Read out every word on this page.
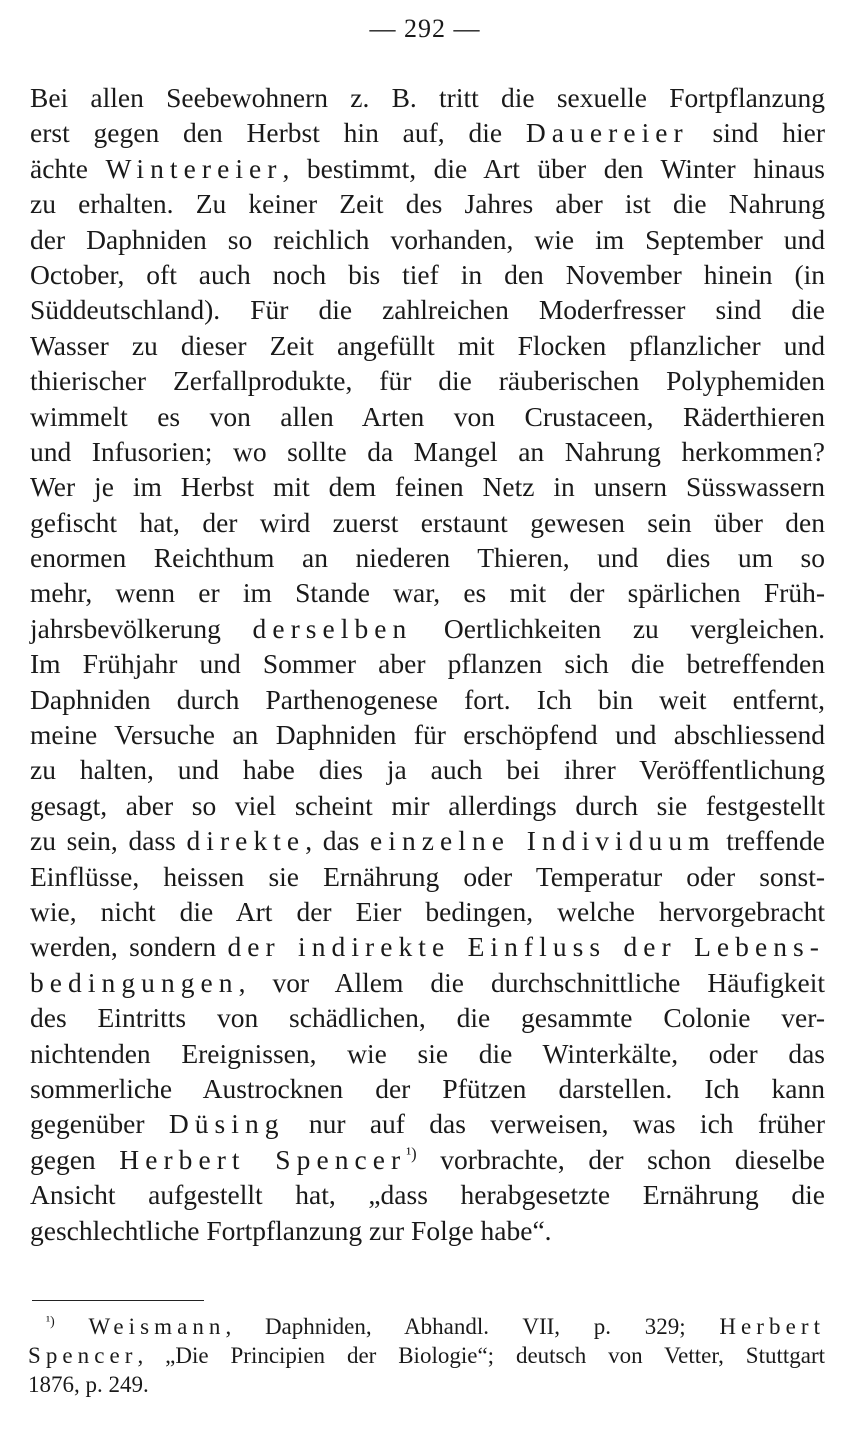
— 292 —
Bei allen Seebewohnern z. B. tritt die sexuelle Fortpflanzung
erst gegen den Herbst hin auf, die Dauereier sind hier
ächte Wintereier, bestimmt, die Art über den Winter hinaus
zu erhalten. Zu keiner Zeit des Jahres aber ist die Nahrung
der Daphniden so reichlich vorhanden, wie im September und
October, oft auch noch bis tief in den November hinein (in
Süddeutschland). Für die zahlreichen Moderfresser sind die
Wasser zu dieser Zeit angefüllt mit Flocken pflanzlicher und
thierischer Zerfallprodukte, für die räuberischen Polyphemiden
wimmelt es von allen Arten von Crustaceen, Räderthieren
und Infusorien; wo sollte da Mangel an Nahrung herkommen?
Wer je im Herbst mit dem feinen Netz in unsern Süsswassern
gefischt hat, der wird zuerst erstaunt gewesen sein über den
enormen Reichthum an niederen Thieren, und dies um so
mehr, wenn er im Stande war, es mit der spärlichen Früh-
jahrsbevölkerung derselben Oertlichkeiten zu vergleichen.
Im Frühjahr und Sommer aber pflanzen sich die betreffenden
Daphniden durch Parthenogenese fort. Ich bin weit entfernt,
meine Versuche an Daphniden für erschöpfend und abschliessend
zu halten, und habe dies ja auch bei ihrer Veröffentlichung
gesagt, aber so viel scheint mir allerdings durch sie festgestellt
zu sein, dass direkte, das einzelne Individuum treffende
Einflüsse, heissen sie Ernährung oder Temperatur oder sonst-
wie, nicht die Art der Eier bedingen, welche hervorgebracht
werden, sondern der indirekte Einfluss der Lebens-
bedingungen, vor Allem die durchschnittliche Häufigkeit
des Eintritts von schädlichen, die gesammte Colonie ver-
nichtenden Ereignissen, wie sie die Winterkälte, oder das
sommerliche Austrocknen der Pfützen darstellen. Ich kann
gegenüber Düsing nur auf das verweisen, was ich früher
gegen Herbert Spencer$^{^1)}$ vorbrachte, der schon dieselbe
Ansicht aufgestellt hat, „dass herabgesetzte Ernährung die
geschlechtliche Fortpflanzung zur Folge habe“.
$^{^1)}$ Weismann, Daphniden, Abhandl. VII, p. 329; Herbert
Spencer, „Die Principien der Biologie“; deutsch von Vetter, Stuttgart
1876, p. 249.
